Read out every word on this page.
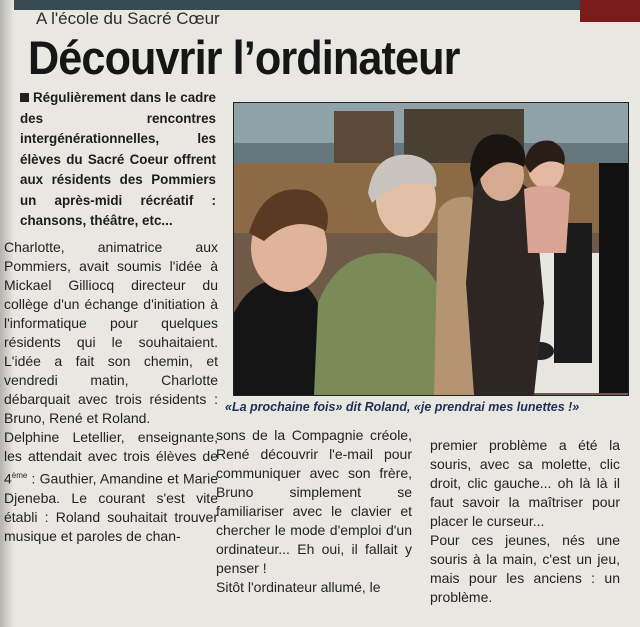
A l'école du Sacré Cœur
Découvrir l’ordinateur
Régulièrement dans le cadre des rencontres intergénérationnelles, les élèves du Sacré Coeur offrent aux résidents des Pommiers un après-midi récréatif : chansons, théâtre, etc...

Charlotte, animatrice aux Pommiers, avait soumis l'idée à Mickael Gilliocq directeur du collège d'un échange d'initiation à l'informatique pour quelques résidents qui le souhaitaient. L'idée a fait son chemin, et vendredi matin, Charlotte débarquait avec trois résidents : Bruno, René et Roland.

Delphine Letellier, enseignante, les attendait avec trois élèves de 4ème : Gauthier, Amandine et Marie Djeneba. Le courant s'est vite établi : Roland souhaitait trouver musique et paroles de chan-

«La prochaine fois» dit Roland, «je prendrai mes lunettes !»

sons de la Compagnie créole, René découvrir l'e-mail pour communiquer avec son frère, Bruno simplement se familiariser avec le clavier et chercher le mode d'emploi d'un ordinateur... Eh oui, il fallait y penser !

Sitôt l'ordinateur allumé, le

premier problème a été la souris, avec sa molette, clic droit, clic gauche... oh là là il faut savoir la maîtriser pour placer le curseur...

Pour ces jeunes, nés une souris à la main, c'est un jeu, mais pour les anciens : un problème.
